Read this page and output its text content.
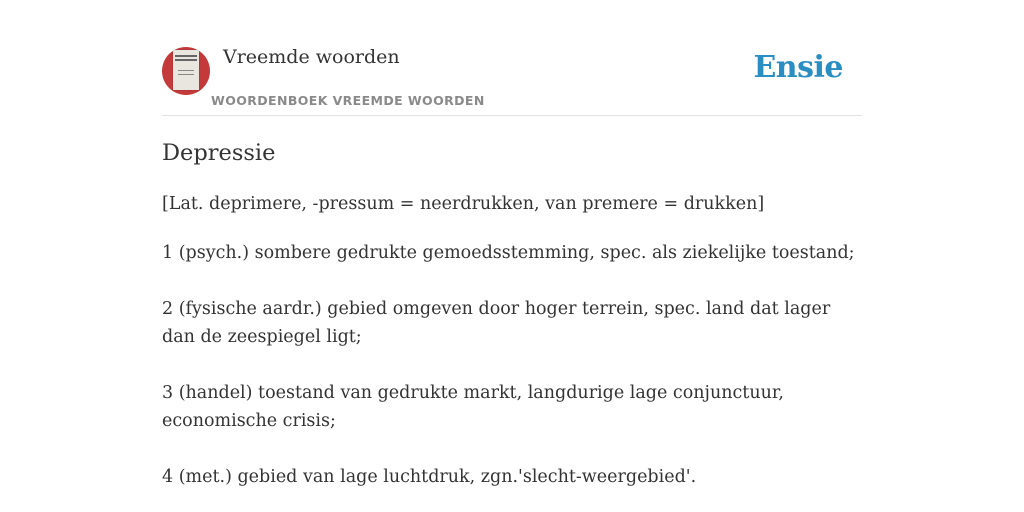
Vreemde woorden
WOORDENBOEK VREEMDE WOORDEN
Ensie
Depressie
[Lat. deprimere, -pressum = neerdrukken, van premere = drukken]

1 (psych.) sombere gedrukte gemoedsstemming, spec. als ziekelijke toestand;

2 (fysische aardr.) gebied omgeven door hoger terrein, spec. land dat lager dan de zeespiegel ligt;

3 (handel) toestand van gedrukte markt, langdurige lage conjunctuur, economische crisis;

4 (met.) gebied van lage luchtdruk, zgn.'slecht-weergebied'.
